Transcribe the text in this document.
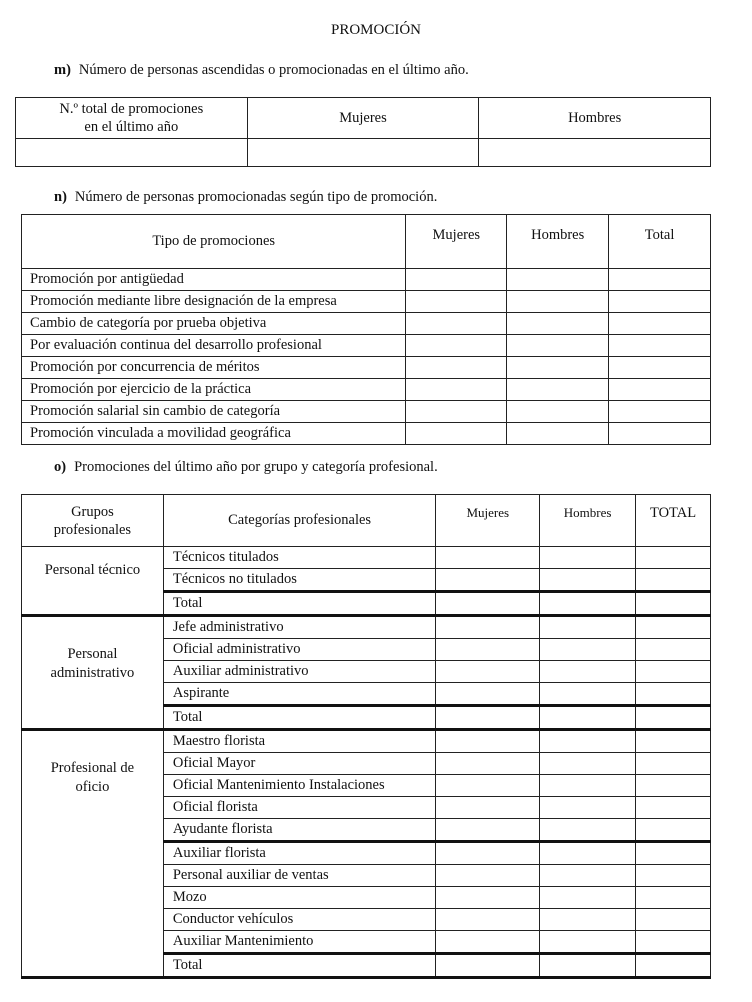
PROMOCIÓN
m) Número de personas ascendidas o promocionadas en el último año.
N.º total de promociones
en el último año	Mujeres	Hombres

n) Número de personas promocionadas según tipo de promoción.
Tipo de promociones	Mujeres	Hombres	Total
Promoción por antigüedad			
Promoción mediante libre designación de la empresa			
Cambio de categoría por prueba objetiva			
Por evaluación continua del desarrollo profesional			
Promoción por concurrencia de méritos			
Promoción por ejercicio de la práctica			
Promoción salarial sin cambio de categoría			
Promoción vinculada a movilidad geográfica			
o) Promociones del último año por grupo y categoría profesional.
Grupos
profesionales	Categorías profesionales	Mujeres	Hombres	TOTAL

Personal técnico	Técnicos titulados			
	Técnicos no titulados			
	Total			

Personal
administrativo	Jefe administrativo			
	Oficial administrativo			
	Auxiliar administrativo			
	Aspirante			
	Total			

Profesional de
oficio	Maestro florista			
	Oficial Mayor			
	Oficial Mantenimiento Instalaciones			
	Oficial florista			
	Ayudante florista			
	Auxiliar florista			
	Personal auxiliar de ventas			
	Mozo			
	Conductor vehículos			
	Auxiliar Mantenimiento			
	Total			
